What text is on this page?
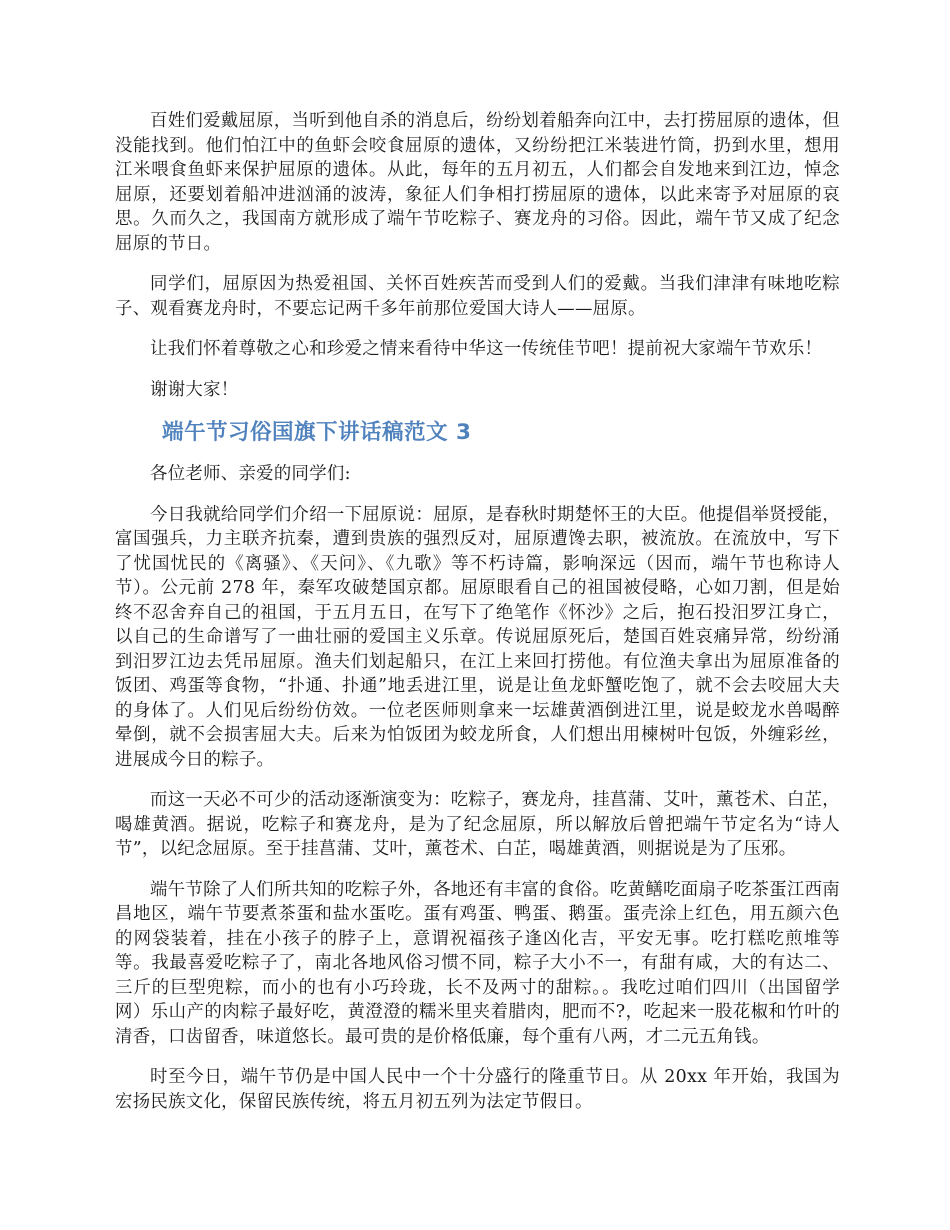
百姓们爱戴屈原，当听到他自杀的消息后，纷纷划着船奔向江中，去打捞屈原的遗体，但没能找到。他们怕江中的鱼虾会咬食屈原的遗体，又纷纷把江米装进竹筒，扔到水里，想用江米喂食鱼虾来保护屈原的遗体。从此，每年的五月初五，人们都会自发地来到江边，悼念屈原，还要划着船冲进汹涌的波涛，象征人们争相打捞屈原的遗体，以此来寄予对屈原的哀思。久而久之，我国南方就形成了端午节吃粽子、赛龙舟的习俗。因此，端午节又成了纪念屈原的节日。

同学们，屈原因为热爱祖国、关怀百姓疾苦而受到人们的爱戴。当我们津津有味地吃粽子、观看赛龙舟时，不要忘记两千多年前那位爱国大诗人——屈原。

让我们怀着尊敬之心和珍爱之情来看待中华这一传统佳节吧！提前祝大家端午节欢乐！

谢谢大家！

端午节习俗国旗下讲话稿范文 3

各位老师、亲爱的同学们:

今日我就给同学们介绍一下屈原说：屈原，是春秋时期楚怀王的大臣。他提倡举贤授能，富国强兵，力主联齐抗秦，遭到贵族的强烈反对，屈原遭馋去职，被流放。在流放中，写下了忧国忧民的《离骚》、《天问》、《九歌》等不朽诗篇，影响深远（因而，端午节也称诗人节）。公元前 278 年，秦军攻破楚国京都。屈原眼看自己的祖国被侵略，心如刀割，但是始终不忍舍弃自己的祖国，于五月五日，在写下了绝笔作《怀沙》之后，抱石投汨罗江身亡，以自己的生命谱写了一曲壮丽的爱国主义乐章。传说屈原死后，楚国百姓哀痛异常，纷纷涌到汨罗江边去凭吊屈原。渔夫们划起船只，在江上来回打捞他。有位渔夫拿出为屈原准备的饭团、鸡蛋等食物，“扑通、扑通”地丢进江里，说是让鱼龙虾蟹吃饱了，就不会去咬屈大夫的身体了。人们见后纷纷仿效。一位老医师则拿来一坛雄黄酒倒进江里，说是蛟龙水兽喝醉晕倒，就不会损害屈大夫。后来为怕饭团为蛟龙所食，人们想出用楝树叶包饭，外缠彩丝，进展成今日的粽子。

而这一天必不可少的活动逐渐演变为：吃粽子，赛龙舟，挂菖蒲、艾叶，薰苍术、白芷，喝雄黄酒。据说，吃粽子和赛龙舟，是为了纪念屈原，所以解放后曾把端午节定名为“诗人节”，以纪念屈原。至于挂菖蒲、艾叶，薰苍术、白芷，喝雄黄酒，则据说是为了压邪。

端午节除了人们所共知的吃粽子外，各地还有丰富的食俗。吃黄鳝吃面扇子吃茶蛋江西南昌地区，端午节要煮茶蛋和盐水蛋吃。蛋有鸡蛋、鸭蛋、鹅蛋。蛋壳涂上红色，用五颜六色的网袋装着，挂在小孩子的脖子上，意谓祝福孩子逢凶化吉，平安无事。吃打糕吃煎堆等等。我最喜爱吃粽子了，南北各地风俗习惯不同，粽子大小不一，有甜有咸，大的有达二、三斤的巨型兜粽，而小的也有小巧玲珑，长不及两寸的甜粽。。我吃过咱们四川（出国留学网）乐山产的肉粽子最好吃，黄澄澄的糯米里夹着腊肉，肥而不?，吃起来一股花椒和竹叶的清香，口齿留香，味道悠长。最可贵的是价格低廉，每个重有八两，才二元五角钱。

时至今日，端午节仍是中国人民中一个十分盛行的隆重节日。从 20xx 年开始，我国为宏扬民族文化，保留民族传统，将五月初五列为法定节假日。
